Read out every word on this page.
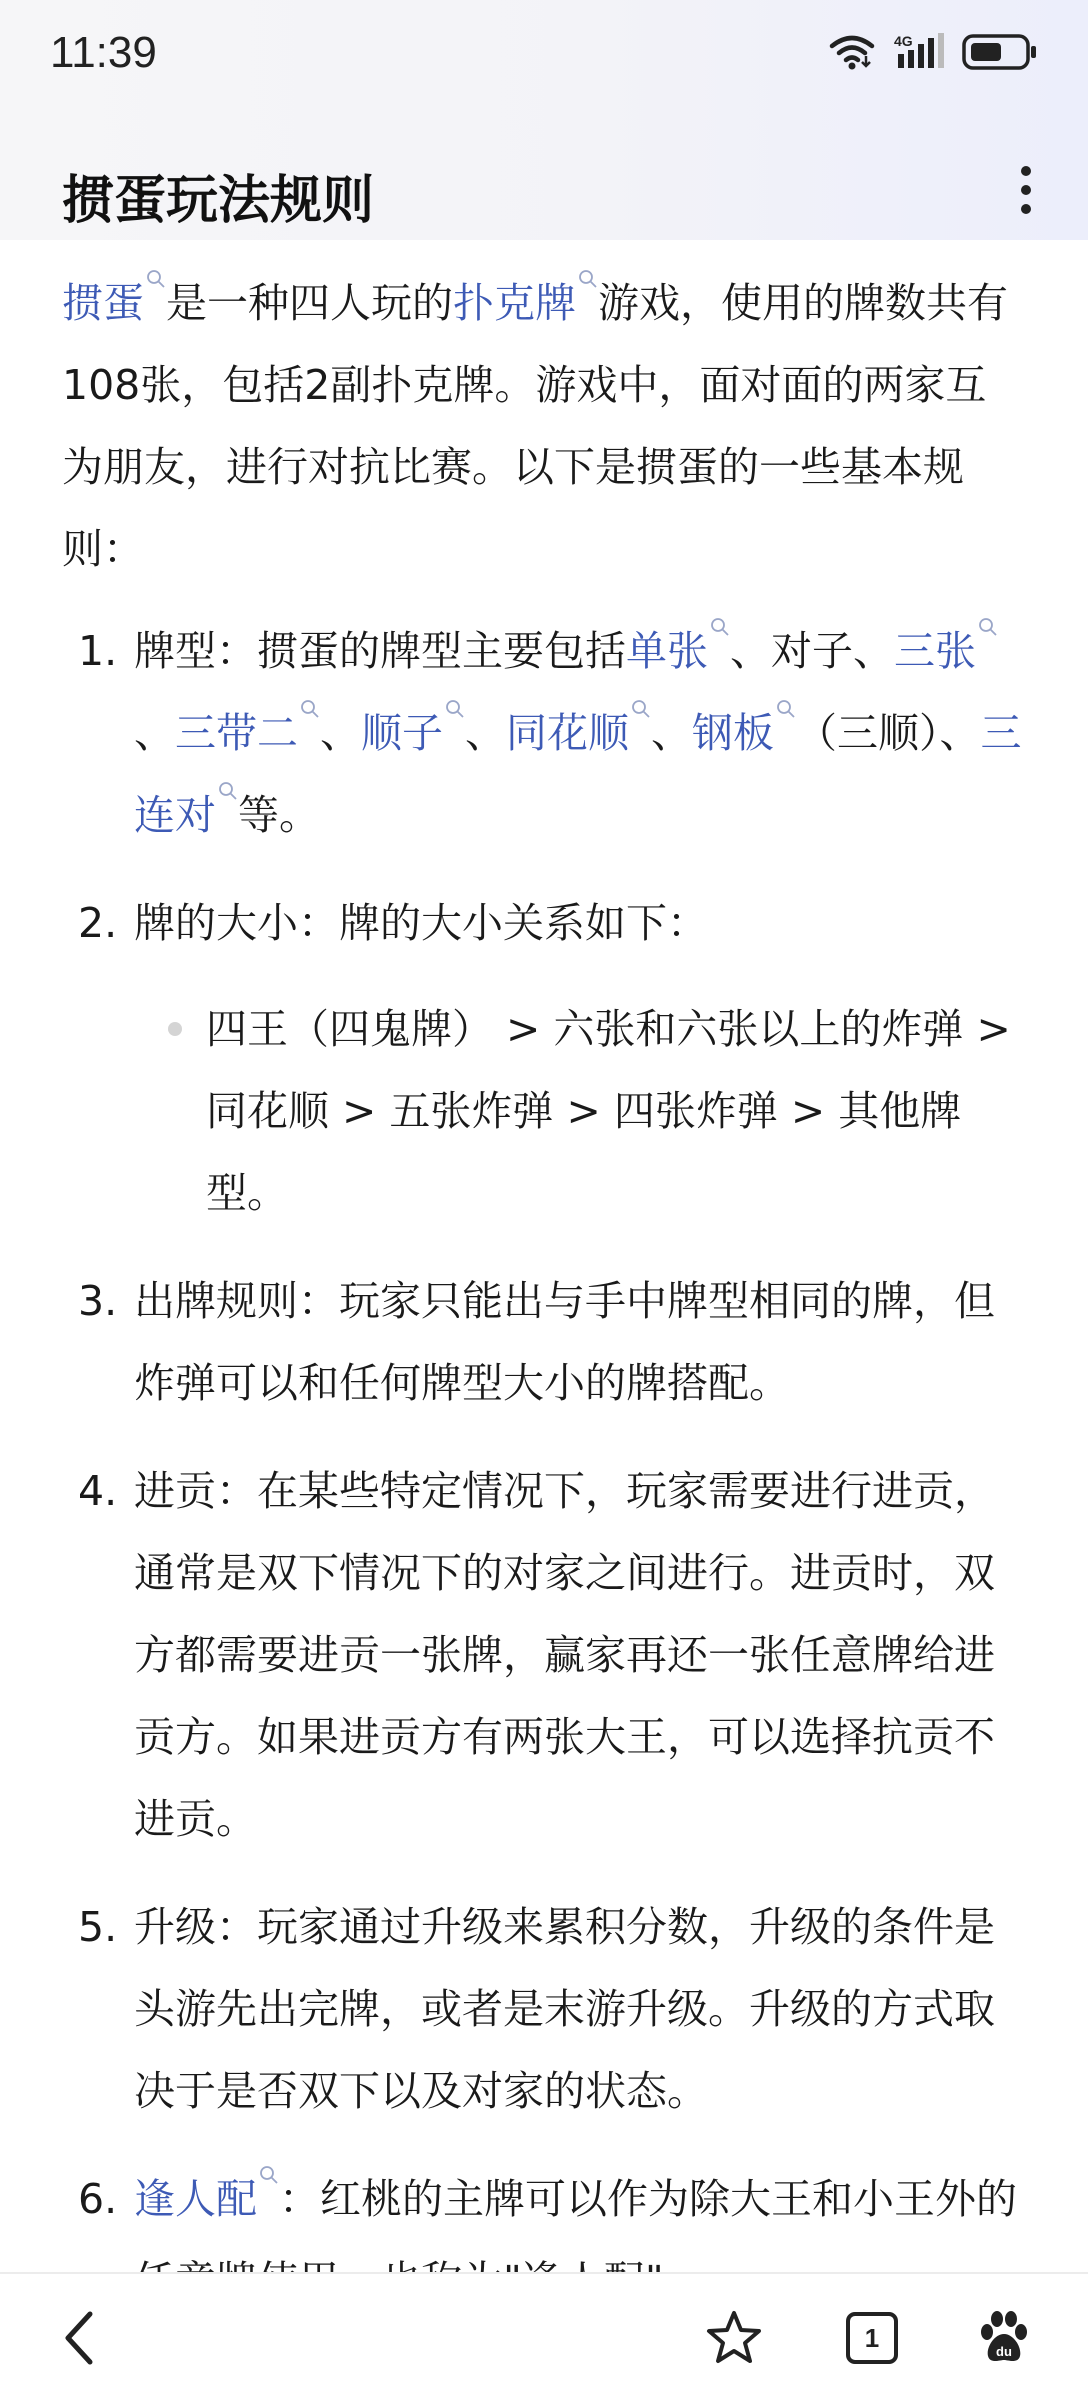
11:39	4G
掼蛋玩法规则

掼蛋 是一种四人玩的扑克牌 游戏，使用的牌数共有108张，包括2副扑克牌。游戏中，面对面的两家互为朋友，进行对抗比赛。以下是掼蛋的一些基本规则：

1. 牌型：掼蛋的牌型主要包括单张 、对子、三张、三带二 、顺子 、同花顺 、钢板 （三顺）、三连对 等。
2. 牌的大小：牌的大小关系如下：
四王（四鬼牌） > 六张和六张以上的炸弹 > 同花顺 > 五张炸弹 > 四张炸弹 > 其他牌型。
3. 出牌规则：玩家只能出与手中牌型相同的牌，但炸弹可以和任何牌型大小的牌搭配。
4. 进贡：在某些特定情况下，玩家需要进行进贡，通常是双下情况下的对家之间进行。进贡时，双方都需要进贡一张牌，赢家再还一张任意牌给进贡方。如果进贡方有两张大王，可以选择抗贡不进贡。
5. 升级：玩家通过升级来累积分数，升级的条件是头游先出完牌，或者是末游升级。升级的方式取决于是否双下以及对家的状态。
6. 逢人配 ：红桃的主牌可以作为除大王和小王外的
1	du
